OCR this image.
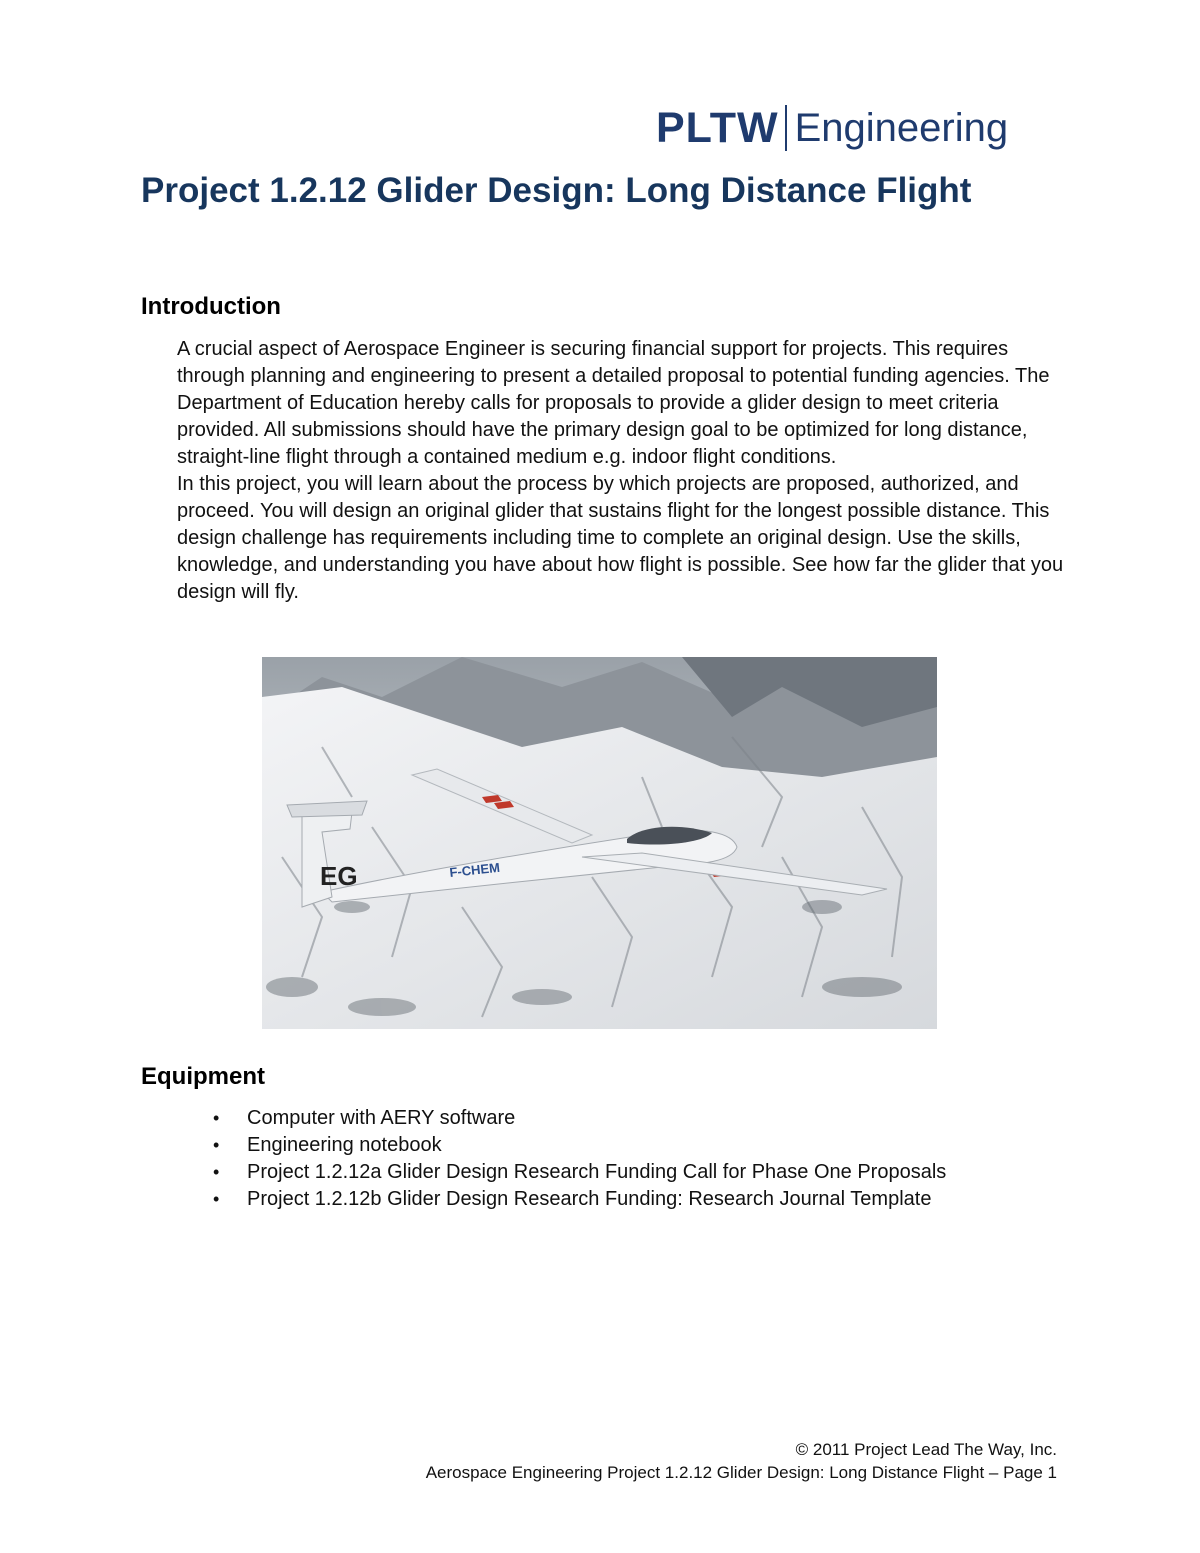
PLTW Engineering
Project 1.2.12 Glider Design: Long Distance Flight
Introduction

A crucial aspect of Aerospace Engineer is securing financial support for projects. This requires through planning and engineering to present a detailed proposal to potential funding agencies. The Department of Education hereby calls for proposals to provide a glider design to meet criteria provided. All submissions should have the primary design goal to be optimized for long distance, straight-line flight through a contained medium e.g. indoor flight conditions.

In this project, you will learn about the process by which projects are proposed, authorized, and proceed. You will design an original glider that sustains flight for the longest possible distance. This design challenge has requirements including time to complete an original design. Use the skills, knowledge, and understanding you have about how flight is possible. See how far the glider that you design will fly.

EG	F-CHEM
Equipment
•	Computer with AERY software
•	Engineering notebook
•	Project 1.2.12a Glider Design Research Funding Call for Phase One Proposals
•	Project 1.2.12b Glider Design Research Funding: Research Journal Template
© 2011 Project Lead The Way, Inc.
Aerospace Engineering Project 1.2.12 Glider Design: Long Distance Flight – Page 1
